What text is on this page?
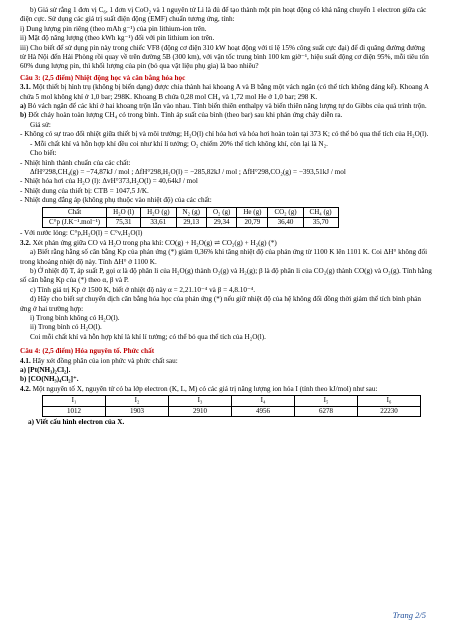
b) Giả sử rằng 1 đơn vị C₆, 1 đơn vị CoO₂ và 1 nguyên tử Li là đủ để tạo thành một pin hoạt động có khả năng chuyển 1 electron giữa các điện cực. Sử dụng các giá trị suất điện động (EMF) chuẩn tương ứng, tính:

i) Dung lượng pin riêng (theo mAh g⁻¹) của pin lithium-ion trên.

ii) Mật độ năng lượng (theo kWh kg⁻¹) đối với pin lithium ion trên.

iii) Cho biết để sử dụng pin này trong chiếc VF8 (động cơ điện 310 kW hoạt động với tỉ lệ 15% công suất cực đại) để đi quãng đường đường từ Hà Nội đến Hải Phòng rồi quay về trên đường 5B (300 km), với vận tốc trung bình 100 km giờ⁻¹, hiệu suất động cơ điện 95%, mỗi tiêu tốn 60% dung lượng pin, thì khối lượng của pin (bỏ qua vật liệu phụ gia) là bao nhiêu?

Câu 3: (2,5 điểm) Nhiệt động học và cân bằng hóa học

3.1. Một thiết bị hình trụ (không bị biến dạng) được chia thành hai khoang A và B bằng một vách ngăn (có thể tích không đáng kể). Khoang A chứa 5 mol không khí ở 1,0 bar; 298K. Khoang B chứa 0,28 mol CH₄ và 1,72 mol He ở 1,0 bar; 298 K.

a) Bỏ vách ngăn để các khí ở hai khoang trộn lẫn vào nhau. Tính biến thiên enthalpy và biến thiên năng lượng tự do Gibbs của quá trình trộn.

b) Đốt cháy hoàn toàn lượng CH₄ có trong bình. Tính áp suất của bình (theo bar) sau khi phản ứng cháy diễn ra.

Giả sử:

- Không có sự trao đổi nhiệt giữa thiết bị và môi trường; H₂O(l) chỉ hóa hơi và hóa hơi hoàn toàn tại 373 K; có thể bỏ qua thể tích của H₂O(l).

- Mỗi chất khí và hỗn hợp khí đều coi như khí lí tưởng; O₂ chiếm 20% thể tích không khí, còn lại là N₂.

Cho biết:

- Nhiệt hình thành chuẩn của các chất:

ΔfH°298,CH₄(g) = −74,87kJ / mol ; ΔfH°298,H₂O(l) = −285,82kJ / mol ; ΔfH°298,CO₂(g) = −393,51kJ / mol

- Nhiệt hóa hơi của H₂O (l): ΔvH°373,H₂O(l) = 40,64kJ / mol

- Nhiệt dung của thiết bị: CTB = 1047,5 J/K.

- Nhiệt dung đẳng áp (không phụ thuộc vào nhiệt độ) của các chất:

Chất	H₂O (l)	H₂O (g)	N₂ (g)	O₂ (g)	He (g)	CO₂ (g)	CH₄ (g)
C°p (J.K⁻¹.mol⁻¹)	75,31	33,61	29,13	29,34	20,79	36,40	35,70

- Với nước lỏng: C°p,H₂O(l) = C°v,H₂O(l)

3.2. Xét phản ứng giữa CO và H₂O trong pha khí: CO(g) + H₂O(g) ⇌ CO₂(g) + H₂(g) (*)

a) Biết rằng hằng số cân bằng Kp của phản ứng (*) giảm 0,36% khi tăng nhiệt độ của phản ứng từ 1100 K lên 1101 K. Coi ΔH° không đổi trong khoảng nhiệt độ này. Tính ΔH° ở 1100 K.

b) Ở nhiệt độ T, áp suất P, gọi α là độ phân li của H₂O(g) thành O₂(g) và H₂(g); β là độ phân li của CO₂(g) thành CO(g) và O₂(g). Tính hằng số cân bằng Kp của (*) theo α, β và P.

c) Tính giá trị Kp ở 1500 K, biết ở nhiệt độ này α = 2,21.10⁻⁴ và β = 4,8.10⁻⁴.

d) Hãy cho biết sự chuyển dịch cân bằng hóa học của phản ứng (*) nếu giữ nhiệt độ của hệ không đổi đồng thời giảm thể tích bình phản ứng ở hai trường hợp:

i) Trong bình không có H₂O(l).

ii) Trong bình có H₂O(l).

Coi mỗi chất khí và hỗn hợp khí là khí lí tưởng; có thể bỏ qua thể tích của H₂O(l).

Câu 4: (2,5 điểm) Hóa nguyên tố. Phức chất

4.1. Hãy xét đồng phân của ion phức và phức chất sau:

a) [Pt(NH₃)₂Cl₂].

b) [CO(NH₃)₄Cl₂]⁺.

4.2. Một nguyên tố X, nguyên tử có ba lớp electron (K, L, M) có các giá trị năng lượng ion hóa I (tính theo kJ/mol) như sau:

I₁	I₂	I₃	I₄	I₅	I₆
1012	1903	2910	4956	6278	22230

a) Viết cấu hình electron của X.

Trang 2/5
